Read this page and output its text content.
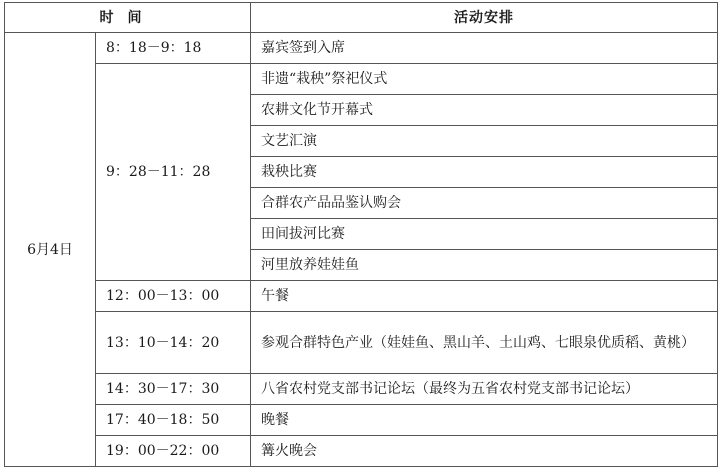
时间		活动安排
6月4日	8：18－9：18	嘉宾签到入席
	9：28－11：28	非遗“栽秧”祭祀仪式
		农耕文化节开幕式
		文艺汇演
		栽秧比赛
		合群农产品品鉴认购会
		田间拔河比赛
		河里放养娃娃鱼
	12：00－13：00	午餐
	13：10－14：20	参观合群特色产业（娃娃鱼、黑山羊、土山鸡、七眼泉优质稻、黄桃）
	14：30－17：30	八省农村党支部书记论坛（最终为五省农村党支部书记论坛）
	17：40－18：50	晚餐
	19：00－22：00	篝火晚会
